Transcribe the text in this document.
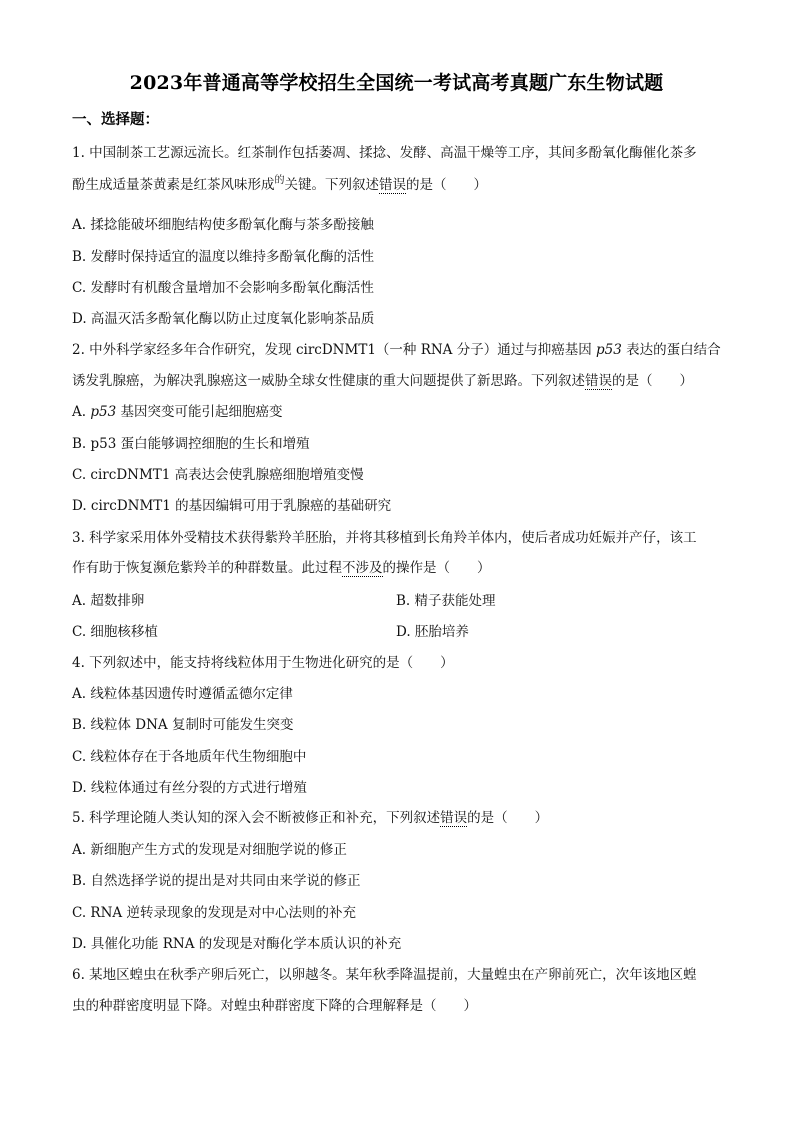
2023年普通高等学校招生全国统一考试高考真题广东生物试题
一、选择题：
1. 中国制茶工艺源远流长。红茶制作包括萎凋、揉捻、发酵、高温干燥等工序，其间多酚氧化酶催化茶多
酚生成适量茶黄素是红茶风味形成$^的$关键。下列叙述错误的是（　　）
A. 揉捻能破坏细胞结构使多酚氧化酶与茶多酚接触
B. 发酵时保持适宜的温度以维持多酚氧化酶的活性
C. 发酵时有机酸含量增加不会影响多酚氧化酶活性
D. 高温灭活多酚氧化酶以防止过度氧化影响茶品质
2. 中外科学家经多年合作研究，发现 circDNMT1（一种 RNA 分子）通过与抑癌基因 p53 表达的蛋白结合
诱发乳腺癌，为解决乳腺癌这一威胁全球女性健康的重大问题提供了新思路。下列叙述错误的是（　　）
A. p53 基因突变可能引起细胞癌变
B. p53 蛋白能够调控细胞的生长和增殖
C. circDNMT1 高表达会使乳腺癌细胞增殖变慢
D. circDNMT1 的基因编辑可用于乳腺癌的基础研究
3. 科学家采用体外受精技术获得紫羚羊胚胎，并将其移植到长角羚羊体内，使后者成功妊娠并产仔，该工
作有助于恢复濒危紫羚羊的种群数量。此过程不涉及的操作是（　　）
A. 超数排卵	B. 精子获能处理
C. 细胞核移植	D. 胚胎培养
4. 下列叙述中，能支持将线粒体用于生物进化研究的是（　　）
A. 线粒体基因遗传时遵循孟德尔定律
B. 线粒体 DNA 复制时可能发生突变
C. 线粒体存在于各地质年代生物细胞中
D. 线粒体通过有丝分裂的方式进行增殖
5. 科学理论随人类认知的深入会不断被修正和补充，下列叙述错误的是（　　）
A. 新细胞产生方式的发现是对细胞学说的修正
B. 自然选择学说的提出是对共同由来学说的修正
C. RNA 逆转录现象的发现是对中心法则的补充
D. 具催化功能 RNA 的发现是对酶化学本质认识的补充
6. 某地区蝗虫在秋季产卵后死亡，以卵越冬。某年秋季降温提前，大量蝗虫在产卵前死亡，次年该地区蝗
虫的种群密度明显下降。对蝗虫种群密度下降的合理解释是（　　）
